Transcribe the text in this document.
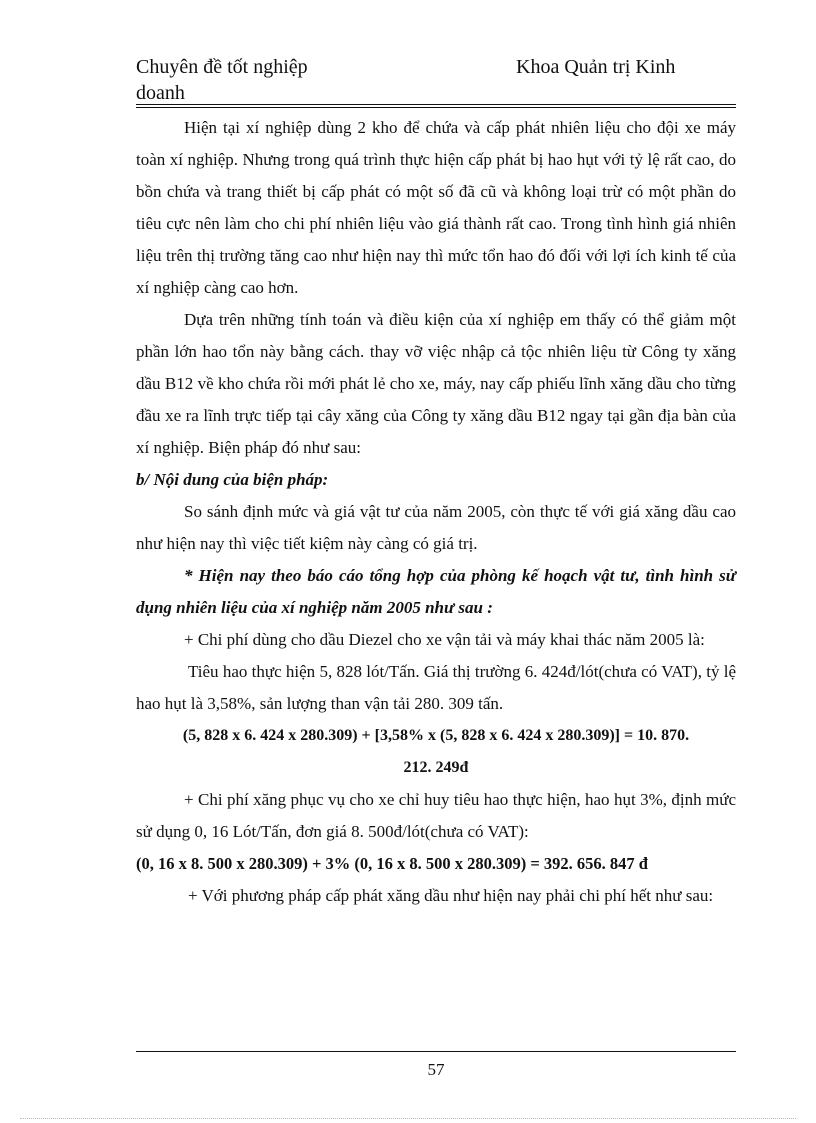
Chuyên đề tốt nghiệp doanh
Khoa Quản trị Kinh

Hiện tại xí nghiệp dùng 2 kho để chứa và cấp phát nhiên liệu cho đội xe máy toàn xí nghiệp. Nhưng trong quá trình thực hiện cấp phát bị hao hụt với tỷ lệ rất cao, do bồn chứa và trang thiết bị cấp phát có một số đã cũ và không loại trừ có một phần do tiêu cực nên làm cho chi phí nhiên liệu vào giá thành rất cao. Trong tình hình giá nhiên liệu trên thị trường tăng cao như hiện nay thì mức tổn hao đó đối với lợi ích kinh tế của xí nghiệp càng cao hơn.

Dựa trên những tính toán và điều kiện của xí nghiệp em thấy có thể giảm một phần lớn hao tổn này bằng cách. thay vỡ việc nhập cả tộc nhiên liệu từ Công ty xăng dầu B12 về kho chứa rồi mới phát lẻ cho xe, máy, nay cấp phiếu lĩnh xăng dầu cho từng đầu xe ra lĩnh trực tiếp tại cây xăng của Công ty xăng dầu B12 ngay tại gần địa bàn của xí nghiệp. Biện pháp đó như sau:

b/ Nội dung của biện pháp:

So sánh định mức và giá vật tư của năm 2005, còn thực tế với giá xăng dầu cao như hiện nay thì việc tiết kiệm này càng có giá trị.

* Hiện nay theo báo cáo tổng hợp của phòng kế hoạch vật tư, tình hình sử dụng nhiên liệu của xí nghiệp năm 2005 như sau :

+ Chi phí dùng cho dầu Diezel cho xe vận tải và máy khai thác năm 2005 là:

Tiêu hao thực hiện 5, 828 lót/Tấn. Giá thị trường 6. 424đ/lót(chưa có VAT), tỷ lệ hao hụt là 3,58%, sản lượng than vận tải 280. 309 tấn.

(5, 828 x 6. 424 x 280.309) + [3,58% x (5, 828 x 6. 424 x 280.309)] = 10. 870.

212. 249đ

+ Chi phí xăng phục vụ cho xe chỉ huy tiêu hao thực hiện, hao hụt 3%, định mức sử dụng 0, 16 Lót/Tấn, đơn giá 8. 500đ/lót(chưa có VAT):

(0, 16 x 8. 500 x 280.309) + 3% (0, 16 x 8. 500 x 280.309) = 392. 656. 847 đ

+ Với phương pháp cấp phát xăng dầu như hiện nay phải chi phí hết như sau:

57
